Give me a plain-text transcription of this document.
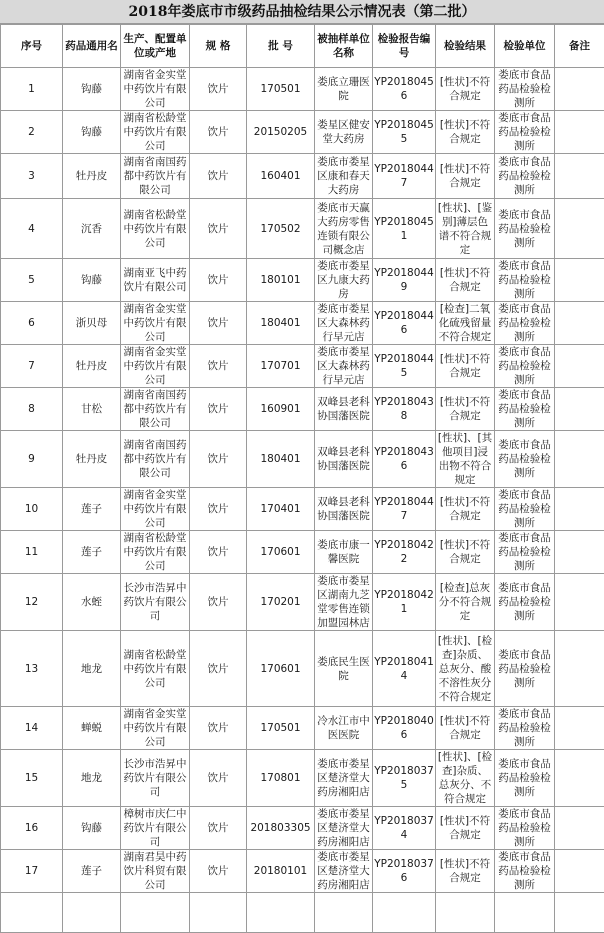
2018年娄底市市级药品抽检结果公示情况表（第二批）
序号	药品通用名	生产、配置单位或产地	规 格	批 号	被抽样单位名称	检验报告编号	检验结果	检验单位	备注
1	钩藤	湖南省金实堂中药饮片有限公司	饮片	170501	娄底立珊医院	YP20180456	[性状]不符合规定	娄底市食品药品检验检测所	
2	钩藤	湖南省松龄堂中药饮片有限公司	饮片	20150205	娄星区健安堂大药房	YP20180455	[性状]不符合规定	娄底市食品药品检验检测所	
3	牡丹皮	湖南省南国药都中药饮片有限公司	饮片	160401	娄底市娄星区康和春天大药房	YP20180447	[性状]不符合规定	娄底市食品药品检验检测所	
4	沉香	湖南省松龄堂中药饮片有限公司	饮片	170502	娄底市天赢大药房零售连锁有限公司概念店	YP20180451	[性状]、[鉴别]薄层色谱不符合规定	娄底市食品药品检验检测所	
5	钩藤	湖南亚飞中药饮片有限公司	饮片	180101	娄底市娄星区九康大药房	YP20180449	[性状]不符合规定	娄底市食品药品检验检测所	
6	浙贝母	湖南省金实堂中药饮片有限公司	饮片	180401	娄底市娄星区大森林药行早元店	YP20180446	[检查]二氧化硫残留量不符合规定	娄底市食品药品检验检测所	
7	牡丹皮	湖南省金实堂中药饮片有限公司	饮片	170701	娄底市娄星区大森林药行早元店	YP20180445	[性状]不符合规定	娄底市食品药品检验检测所	
8	甘松	湖南省南国药都中药饮片有限公司	饮片	160901	双峰县老科协国藩医院	YP20180438	[性状]不符合规定	娄底市食品药品检验检测所	
9	牡丹皮	湖南省南国药都中药饮片有限公司	饮片	180401	双峰县老科协国藩医院	YP20180436	[性状]、[其他项目]浸出物不符合规定	娄底市食品药品检验检测所	
10	莲子	湖南省金实堂中药饮片有限公司	饮片	170401	双峰县老科协国藩医院	YP20180447	[性状]不符合规定	娄底市食品药品检验检测所	
11	莲子	湖南省松龄堂中药饮片有限公司	饮片	170601	娄底市康一馨医院	YP20180422	[性状]不符合规定	娄底市食品药品检验检测所	
12	水蛭	长沙市浩昇中药饮片有限公司	饮片	170201	娄底市娄星区湖南九芝堂零售连锁加盟园林店	YP20180421	[检查]总灰分不符合规定	娄底市食品药品检验检测所	
13	地龙	湖南省松龄堂中药饮片有限公司	饮片	170601	娄底民生医院	YP20180414	[性状]、[检查]杂质、总灰分、酸不溶性灰分不符合规定	娄底市食品药品检验检测所	
14	蝉蜕	湖南省金实堂中药饮片有限公司	饮片	170501	冷水江市中医医院	YP20180406	[性状]不符合规定	娄底市食品药品检验检测所	
15	地龙	长沙市浩昇中药饮片有限公司	饮片	170801	娄底市娄星区楚济堂大药房湘阳店	YP20180375	[性状]、[检查]杂质、总灰分、不符合规定	娄底市食品药品检验检测所	
16	钩藤	樟树市庆仁中药饮片有限公司	饮片	201803305	娄底市娄星区楚济堂大药房湘阳店	YP20180374	[性状]不符合规定	娄底市食品药品检验检测所	
17	莲子	湖南君昊中药饮片科贸有限公司	饮片	20180101	娄底市娄星区楚济堂大药房湘阳店	YP20180376	[性状]不符合规定	娄底市食品药品检验检测所	
